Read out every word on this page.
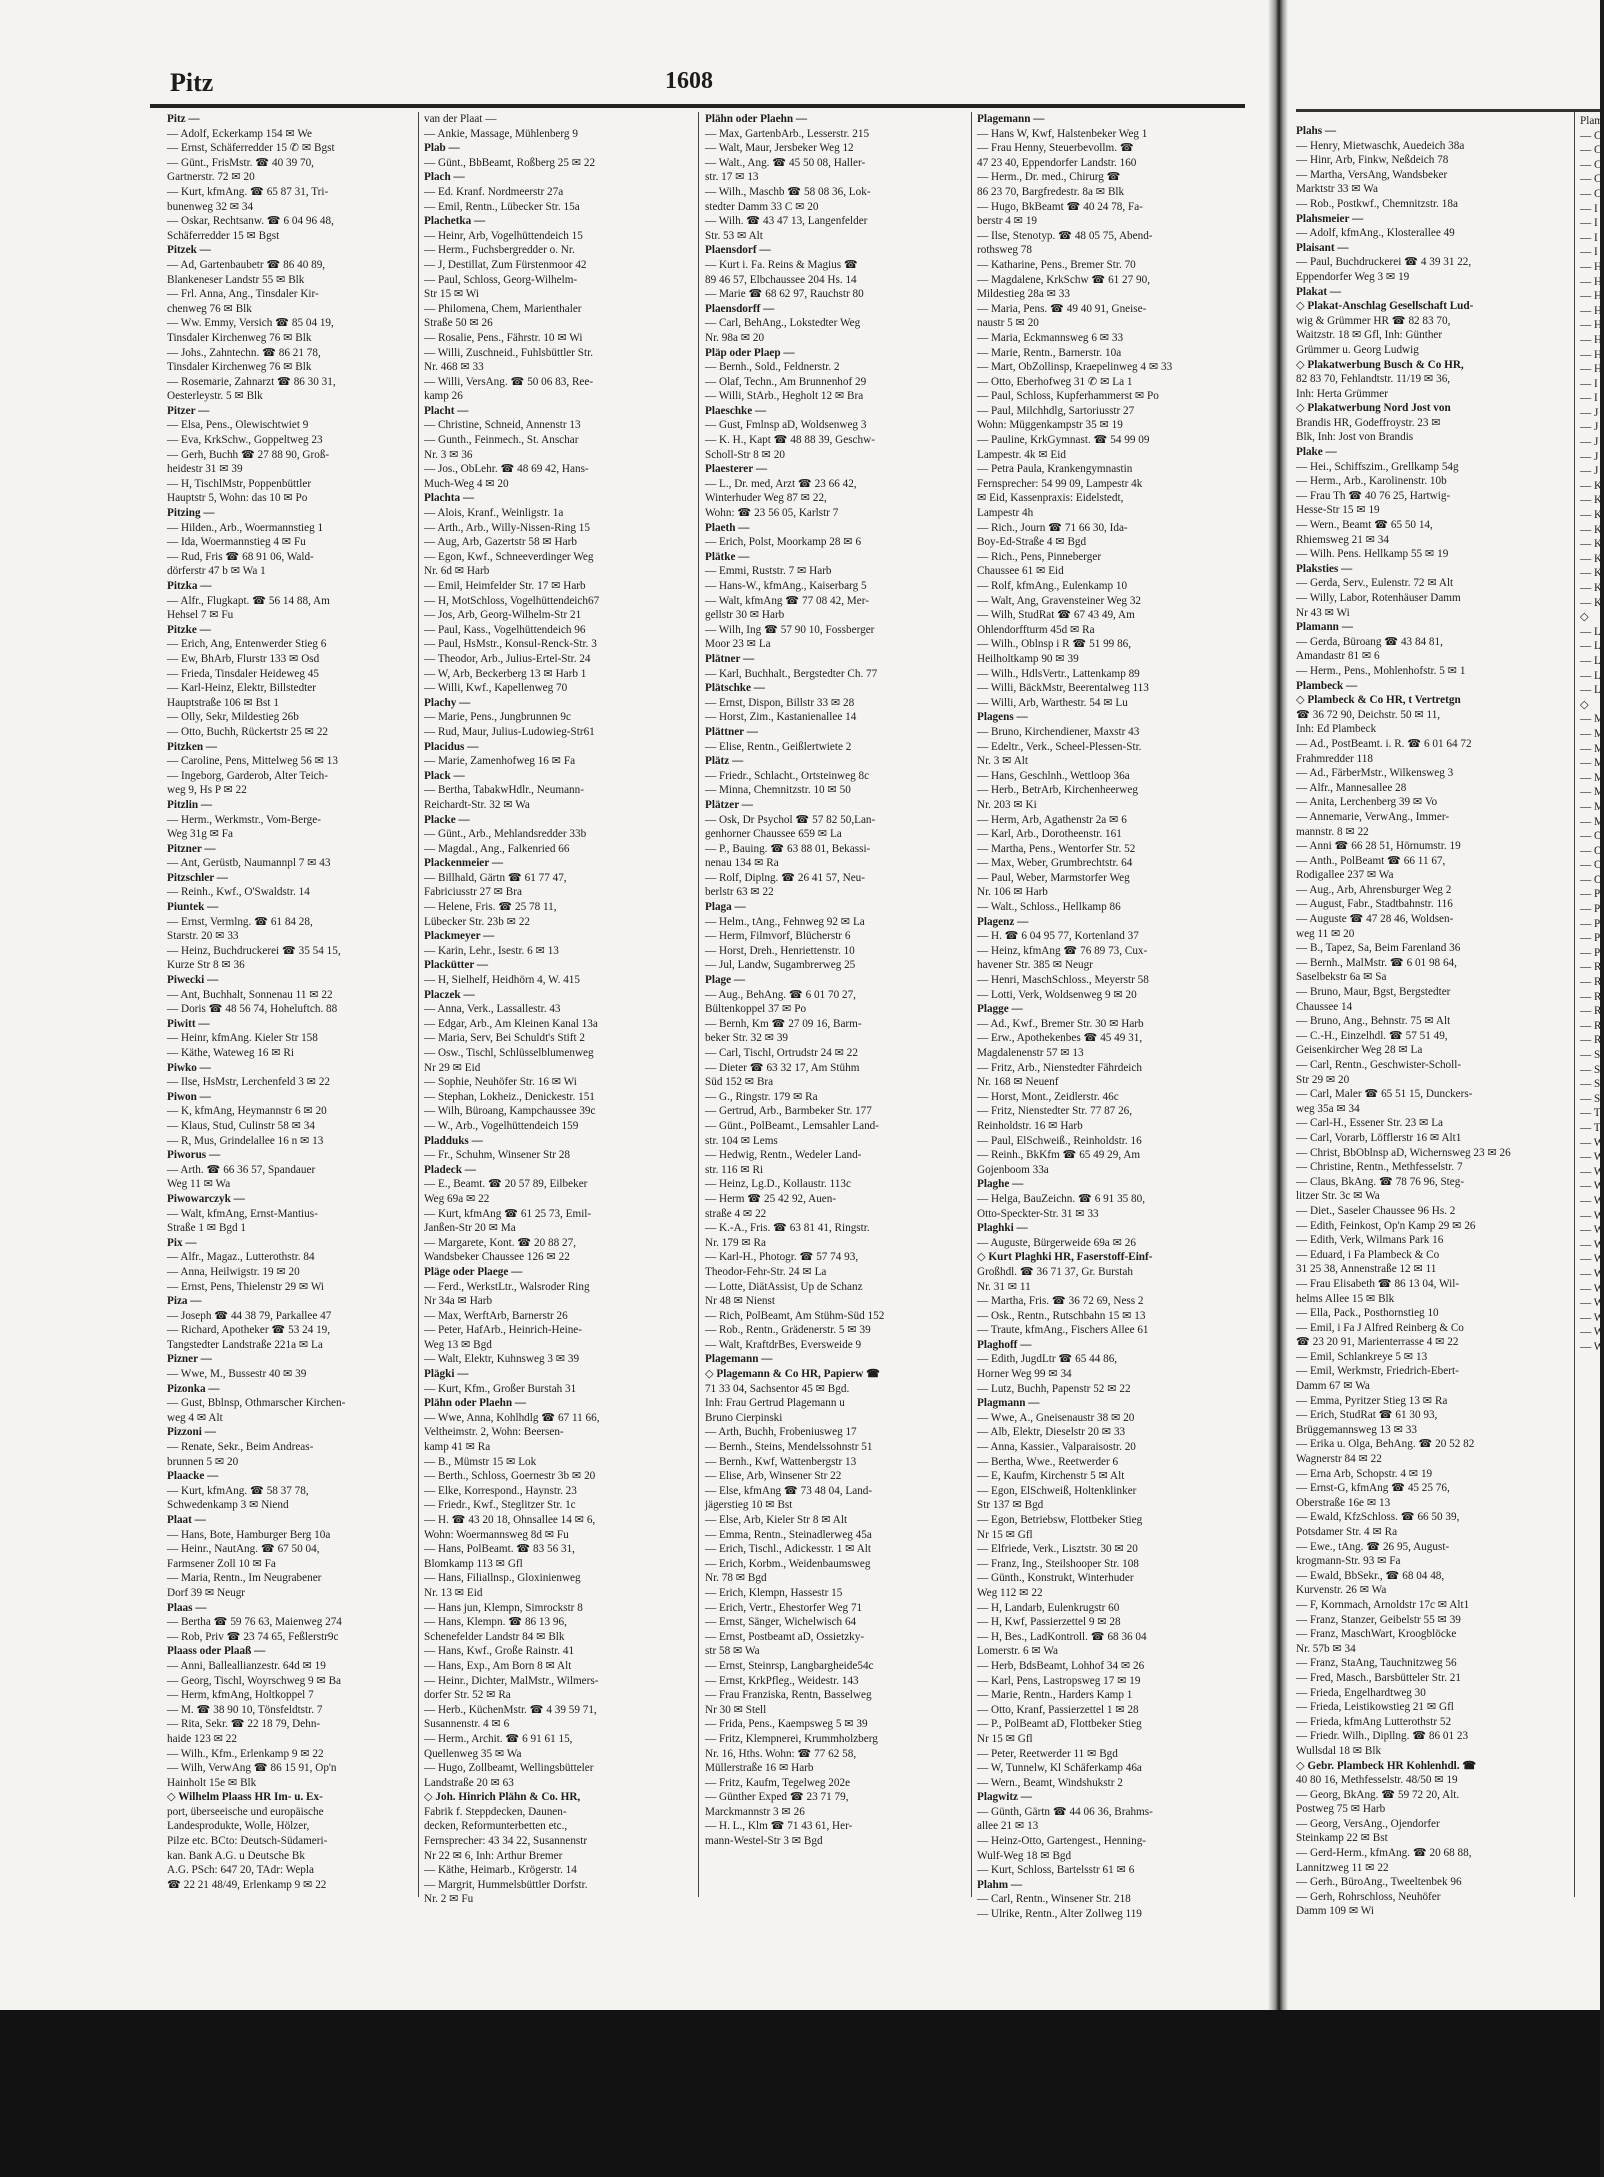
Pitz	1608
Pitz —
— Adolf, Eckerkamp 154 ✉ We
— Ernst, Schäferredder 15 ✆ ✉ Bgst
— Günt., FrisMstr. ☎ 40 39 70,
Gartnerstr. 72 ✉ 20
— Kurt, kfmAng. ☎ 65 87 31, Tri-
bunenweg 32 ✉ 34
— Oskar, Rechtsanw. ☎ 6 04 96 48,
Schäferredder 15 ✉ Bgst
Pitzek —
— Ad, Gartenbaubetr ☎ 86 40 89,
Blankeneser Landstr 55 ✉ Blk
— Frl. Anna, Ang., Tinsdaler Kir-
chenweg 76 ✉ Blk
— Ww. Emmy, Versich ☎ 85 04 19,
Tinsdaler Kirchenweg 76 ✉ Blk
— Johs., Zahntechn. ☎ 86 21 78,
Tinsdaler Kirchenweg 76 ✉ Blk
— Rosemarie, Zahnarzt ☎ 86 30 31,
Oesterleystr. 5 ✉ Blk
Pitzer —
— Elsa, Pens., Olewischtwiet 9
— Eva, KrkSchw., Goppeltweg 23
— Gerh, Buchh ☎ 27 88 90, Groß-
heidestr 31 ✉ 39
— H, TischlMstr, Poppenbüttler
Hauptstr 5, Wohn: das 10 ✉ Po
Pitzing —
— Hilden., Arb., Woermannstieg 1
— Ida, Woermannstieg 4 ✉ Fu
— Rud, Fris ☎ 68 91 06, Wald-
dörferstr 47 b ✉ Wa 1
Pitzka —
— Alfr., Flugkapt. ☎ 56 14 88, Am
Hehsel 7 ✉ Fu
Pitzke —
— Erich, Ang, Entenwerder Stieg 6
— Ew, BhArb, Flurstr 133 ✉ Osd
— Frieda, Tinsdaler Heideweg 45
— Karl-Heinz, Elektr, Billstedter
Hauptstraße 106 ✉ Bst 1
— Olly, Sekr, Mildestieg 26b
— Otto, Buchh, Rückertstr 25 ✉ 22
Pitzken —
— Caroline, Pens, Mittelweg 56 ✉ 13
— Ingeborg, Garderob, Alter Teich-
weg 9, Hs P ✉ 22
Pitzlin —
— Herm., Werkmstr., Vom-Berge-
Weg 31g ✉ Fa
Pitzner —
— Ant, Gerüstb, Naumannpl 7 ✉ 43
Pitzschler —
— Reinh., Kwf., O'Swaldstr. 14
Piuntek —
— Ernst, Vermlng. ☎ 61 84 28,
Starstr. 20 ✉ 33
— Heinz, Buchdruckerei ☎ 35 54 15,
Kurze Str 8 ✉ 36
Piwecki —
— Ant, Buchhalt, Sonnenau 11 ✉ 22
— Doris ☎ 48 56 74, Hoheluftch. 88
Piwitt —
— Heinr, kfmAng. Kieler Str 158
— Käthe, Wateweg 16 ✉ Ri
Piwko —
— Ilse, HsMstr, Lerchenfeld 3 ✉ 22
Piwon —
— K, kfmAng, Heymannstr 6 ✉ 20
— Klaus, Stud, Culinstr 58 ✉ 34
— R, Mus, Grindelallee 16 n ✉ 13
Piworus —
— Arth. ☎ 66 36 57, Spandauer
Weg 11 ✉ Wa
Piwowarczyk —
— Walt, kfmAng, Ernst-Mantius-
Straße 1 ✉ Bgd 1
Pix —
— Alfr., Magaz., Lutterothstr. 84
— Anna, Heilwigstr. 19 ✉ 20
— Ernst, Pens, Thielenstr 29 ✉ Wi
Piza —
— Joseph ☎ 44 38 79, Parkallee 47
— Richard, Apotheker ☎ 53 24 19,
Tangstedter Landstraße 221a ✉ La
Pizner —
— Wwe, M., Bussestr 40 ✉ 39
Pizonka —
— Gust, Bblnsp, Othmarscher Kirchen-
weg 4 ✉ Alt
Pizzoni —
— Renate, Sekr., Beim Andreas-
brunnen 5 ✉ 20
Plaacke —
— Kurt, kfmAng. ☎ 58 37 78,
Schwedenkamp 3 ✉ Niend
Plaat —
— Hans, Bote, Hamburger Berg 10a
— Heinr., NautAng. ☎ 67 50 04,
Farmsener Zoll 10 ✉ Fa
— Maria, Rentn., Im Neugrabener
Dorf 39 ✉ Neugr
Plaas —
— Bertha ☎ 59 76 63, Maienweg 274
— Rob, Priv ☎ 23 74 65, Feßlerstr9c
Plaass oder Plaaß —
— Anni, Balleallianzestr. 64d ✉ 19
— Georg, Tischl, Woyrschweg 9 ✉ Ba
— Herm, kfmAng, Holtkoppel 7
— M. ☎ 38 90 10, Tönsfeldtstr. 7
— Rita, Sekr. ☎ 22 18 79, Dehn-
haide 123 ✉ 22
— Wilh., Kfm., Erlenkamp 9 ✉ 22
— Wilh, VerwAng ☎ 86 15 91, Op'n
Hainholt 15e ✉ Blk
◇ Wilhelm Plaass HR Im- u. Ex-
port, überseeische und europäische
Landesprodukte, Wolle, Hölzer,
Pilze etc. BCto: Deutsch-Südameri-
kan. Bank A.G. u Deutsche Bk
A.G. PSch: 647 20, TAdr: Wepla
☎ 22 21 48/49, Erlenkamp 9 ✉ 22
van der Plaat —
— Ankie, Massage, Mühlenberg 9
Plab —
— Günt., BbBeamt, Roßberg 25 ✉ 22
Plach —
— Ed. Kranf. Nordmeerstr 27a
— Emil, Rentn., Lübecker Str. 15a
Plachetka —
— Heinr, Arb, Vogelhüttendeich 15
— Herm., Fuchsbergredder o. Nr.
— J, Destillat, Zum Fürstenmoor 42
— Paul, Schloss, Georg-Wilhelm-
Str 15 ✉ Wi
— Philomena, Chem, Marienthaler
Straße 50 ✉ 26
— Rosalie, Pens., Fährstr. 10 ✉ Wi
— Willi, Zuschneid., Fuhlsbüttler Str.
Nr. 468 ✉ 33
— Willi, VersAng. ☎ 50 06 83, Ree-
kamp 26
Placht —
— Christine, Schneid, Annenstr 13
— Gunth., Feinmech., St. Anschar
Nr. 3 ✉ 36
— Jos., ObLehr. ☎ 48 69 42, Hans-
Much-Weg 4 ✉ 20
Plachta —
— Alois, Kranf., Weinligstr. 1a
— Arth., Arb., Willy-Nissen-Ring 15
— Aug, Arb, Gazertstr 58 ✉ Harb
— Egon, Kwf., Schneeverdinger Weg
Nr. 6d ✉ Harb
— Emil, Heimfelder Str. 17 ✉ Harb
— H, MotSchloss, Vogelhüttendeich67
— Jos, Arb, Georg-Wilhelm-Str 21
— Paul, Kass., Vogelhüttendeich 96
— Paul, HsMstr., Konsul-Renck-Str. 3
— Theodor, Arb., Julius-Ertel-Str. 24
— W, Arb, Beckerberg 13 ✉ Harb 1
— Willi, Kwf., Kapellenweg 70
Plachy —
— Marie, Pens., Jungbrunnen 9c
— Rud, Maur, Julius-Ludowieg-Str61
Placidus —
— Marie, Zamenhofweg 16 ✉ Fa
Plack —
— Bertha, TabakwHdlr., Neumann-
Reichardt-Str. 32 ✉ Wa
Placke —
— Günt., Arb., Mehlandsredder 33b
— Magdal., Ang., Falkenried 66
Plackenmeier —
— Billhald, Gärtn ☎ 61 77 47,
Fabriciusstr 27 ✉ Bra
— Helene, Fris. ☎ 25 78 11,
Lübecker Str. 23b ✉ 22
Plackmeyer —
— Karin, Lehr., Isestr. 6 ✉ 13
Plackütter —
— H, Sielhelf, Heidhörn 4, W. 415
Placzek —
— Anna, Verk., Lassallestr. 43
— Edgar, Arb., Am Kleinen Kanal 13a
— Maria, Serv, Bei Schuldt's Stift 2
— Osw., Tischl, Schlüsselblumenweg
Nr 29 ✉ Eid
— Sophie, Neuhöfer Str. 16 ✉ Wi
— Stephan, Lokheiz., Denickestr. 151
— Wilh, Büroang, Kampchaussee 39c
— W., Arb., Vogelhüttendeich 159
Pladduks —
— Fr., Schuhm, Winsener Str 28
Pladeck —
— E., Beamt. ☎ 20 57 89, Eilbeker
Weg 69a ✉ 22
— Kurt, kfmAng ☎ 61 25 73, Emil-
Janßen-Str 20 ✉ Ma
— Margarete, Kont. ☎ 20 88 27,
Wandsbeker Chaussee 126 ✉ 22
Pläge oder Plaege —
— Ferd., WerkstLtr., Walsroder Ring
Nr 34a ✉ Harb
— Max, WerftArb, Barnerstr 26
— Peter, HafArb., Heinrich-Heine-
Weg 13 ✉ Bgd
— Walt, Elektr, Kuhnsweg 3 ✉ 39
Plägki —
— Kurt, Kfm., Großer Burstah 31
Plähn oder Plaehn —
— Wwe, Anna, Kohlhdlg ☎ 67 11 66,
Veltheimstr. 2, Wohn: Beersen-
kamp 41 ✉ Ra
— B., Mümstr 15 ✉ Lok
— Berth., Schloss, Goernestr 3b ✉ 20
— Elke, Korrespond., Haynstr. 23
— Friedr., Kwf., Steglitzer Str. 1c
— H. ☎ 43 20 18, Ohnsallee 14 ✉ 6,
Wohn: Woermannsweg 8d ✉ Fu
— Hans, PolBeamt. ☎ 83 56 31,
Blomkamp 113 ✉ Gfl
— Hans, Filiallnsp., Gloxinienweg
Nr. 13 ✉ Eid
— Hans jun, Klempn, Simrockstr 8
— Hans, Klempn. ☎ 86 13 96,
Schenefelder Landstr 84 ✉ Blk
— Hans, Kwf., Große Rainstr. 41
— Hans, Exp., Am Born 8 ✉ Alt
— Heinr., Dichter, MalMstr., Wilmers-
dorfer Str. 52 ✉ Ra
— Herb., KüchenMstr. ☎ 4 39 59 71,
Susannenstr. 4 ✉ 6
— Herm., Archit. ☎ 6 91 61 15,
Quellenweg 35 ✉ Wa
— Hugo, Zollbeamt, Wellingsbütteler
Landstraße 20 ✉ 63
◇ Joh. Hinrich Plähn & Co. HR,
Fabrik f. Steppdecken, Daunen-
decken, Reformunterbetten etc.,
Fernsprecher: 43 34 22, Susannenstr
Nr 22 ✉ 6, Inh: Arthur Bremer
— Käthe, Heimarb., Krögerstr. 14
— Margrit, Hummelsbüttler Dorfstr.
Nr. 2 ✉ Fu
Plähn oder Plaehn —
— Max, GartenbArb., Lesserstr. 215
— Walt, Maur, Jersbeker Weg 12
— Walt., Ang. ☎ 45 50 08, Haller-
str. 17 ✉ 13
— Wilh., Maschb ☎ 58 08 36, Lok-
stedter Damm 33 C ✉ 20
— Wilh. ☎ 43 47 13, Langenfelder
Str. 53 ✉ Alt
Plaensdorf —
— Kurt i. Fa. Reins & Magius ☎
89 46 57, Elbchaussee 204 Hs. 14
— Marie ☎ 68 62 97, Rauchstr 80
Plaensdorff —
— Carl, BehAng., Lokstedter Weg
Nr. 98a ✉ 20
Pläp oder Plaep —
— Bernh., Sold., Feldnerstr. 2
— Olaf, Techn., Am Brunnenhof 29
— Willi, StArb., Hegholt 12 ✉ Bra
Plaeschke —
— Gust, Fmlnsp aD, Woldsenweg 3
— K. H., Kapt ☎ 48 88 39, Geschw-
Scholl-Str 8 ✉ 20
Plaesterer —
— L., Dr. med, Arzt ☎ 23 66 42,
Winterhuder Weg 87 ✉ 22,
Wohn: ☎ 23 56 05, Karlstr 7
Plaeth —
— Erich, Polst, Moorkamp 28 ✉ 6
Plätke —
— Emmi, Ruststr. 7 ✉ Harb
— Hans-W., kfmAng., Kaiserbarg 5
— Walt, kfmAng ☎ 77 08 42, Mer-
gellstr 30 ✉ Harb
— Wilh, Ing ☎ 57 90 10, Fossberger
Moor 23 ✉ La
Plätner —
— Karl, Buchhalt., Bergstedter Ch. 77
Plätschke —
— Ernst, Dispon, Billstr 33 ✉ 28
— Horst, Zim., Kastanienallee 14
Plättner —
— Elise, Rentn., Geißlertwiete 2
Plätz —
— Friedr., Schlacht., Ortsteinweg 8c
— Minna, Chemnitzstr. 10 ✉ 50
Plätzer —
— Osk, Dr Psychol ☎ 57 82 50,Lan-
genhorner Chaussee 659 ✉ La
— P., Bauing. ☎ 63 88 01, Bekassi-
nenau 134 ✉ Ra
— Rolf, Diplng. ☎ 26 41 57, Neu-
berlstr 63 ✉ 22
Plaga —
— Helm., tAng., Fehnweg 92 ✉ La
— Herm, Filmvorf, Blücherstr 6
— Horst, Dreh., Henriettenstr. 10
— Jul, Landw, Sugambrerweg 25
Plage —
— Aug., BehAng. ☎ 6 01 70 27,
Bültenkoppel 37 ✉ Po
— Bernh, Km ☎ 27 09 16, Barm-
beker Str. 32 ✉ 39
— Carl, Tischl, Ortrudstr 24 ✉ 22
— Dieter ☎ 63 32 17, Am Stühm
Süd 152 ✉ Bra
— G., Ringstr. 179 ✉ Ra
— Gertrud, Arb., Barmbeker Str. 177
— Günt., PolBeamt., Lemsahler Land-
str. 104 ✉ Lems
— Hedwig, Rentn., Wedeler Land-
str. 116 ✉ Ri
— Heinz, Lg.D., Kollaustr. 113c
— Herm ☎ 25 42 92, Auen-
straße 4 ✉ 22
— K.-A., Fris. ☎ 63 81 41, Ringstr.
Nr. 179 ✉ Ra
— Karl-H., Photogr. ☎ 57 74 93,
Theodor-Fehr-Str. 24 ✉ La
— Lotte, DiätAssist, Up de Schanz
Nr 48 ✉ Nienst
— Rich, PolBeamt, Am Stühm-Süd 152
— Rob., Rentn., Grädenerstr. 5 ✉ 39
— Walt, KraftdrBes, Eversweide 9
Plagemann —
◇ Plagemann & Co HR, Papierw ☎
71 33 04, Sachsentor 45 ✉ Bgd.
Inh: Frau Gertrud Plagemann u
Bruno Cierpinski
— Arth, Buchh, Frobeniusweg 17
— Bernh., Steins, Mendelssohnstr 51
— Bernh., Kwf, Wattenbergstr 13
— Elise, Arb, Winsener Str 22
— Else, kfmAng ☎ 73 48 04, Land-
jägerstieg 10 ✉ Bst
— Else, Arb, Kieler Str 8 ✉ Alt
— Emma, Rentn., Steinadlerweg 45a
— Erich, Tischl., Adickesstr. 1 ✉ Alt
— Erich, Korbm., Weidenbaumsweg
Nr. 78 ✉ Bgd
— Erich, Klempn, Hassestr 15
— Erich, Vertr., Ehestorfer Weg 71
— Ernst, Sänger, Wichelwisch 64
— Ernst, Postbeamt aD, Ossietzky-
str 58 ✉ Wa
— Ernst, Steinrsp, Langbargheide54c
— Ernst, KrkPfleg., Weidestr. 143
— Frau Franziska, Rentn, Basselweg
Nr 30 ✉ Stell
— Frida, Pens., Kaempsweg 5 ✉ 39
— Fritz, Klempnerei, Krummholzberg
Nr. 16, Hths. Wohn: ☎ 77 62 58,
Müllerstraße 16 ✉ Harb
— Fritz, Kaufm, Tegelweg 202e
— Günther Exped ☎ 23 71 79,
Marckmannstr 3 ✉ 26
— H. L., Klm ☎ 71 43 61, Her-
mann-Westel-Str 3 ✉ Bgd
Plagemann —
— Hans W, Kwf, Halstenbeker Weg 1
— Frau Henny, Steuerbevollm. ☎
47 23 40, Eppendorfer Landstr. 160
— Herm., Dr. med., Chirurg ☎
86 23 70, Bargfredestr. 8a ✉ Blk
— Hugo, BkBeamt ☎ 40 24 78, Fa-
berstr 4 ✉ 19
— Ilse, Stenotyp. ☎ 48 05 75, Abend-
rothsweg 78
— Katharine, Pens., Bremer Str. 70
— Magdalene, KrkSchw ☎ 61 27 90,
Mildestieg 28a ✉ 33
— Maria, Pens. ☎ 49 40 91, Gneise-
naustr 5 ✉ 20
— Maria, Eckmannsweg 6 ✉ 33
— Marie, Rentn., Barnerstr. 10a
— Mart, ObZollinsp, Kraepelinweg 4 ✉ 33
— Otto, Eberhofweg 31 ✆ ✉ La 1
— Paul, Schloss, Kupferhammerst ✉ Po
— Paul, Milchhdlg, Sartoriusstr 27
Wohn: Müggenkampstr 35 ✉ 19
— Pauline, KrkGymnast. ☎ 54 99 09
Lampestr. 4k ✉ Eid
— Petra Paula, Krankengymnastin
Fernsprecher: 54 99 09, Lampestr 4k
✉ Eid, Kassenpraxis: Eidelstedt,
Lampestr 4h
— Rich., Journ ☎ 71 66 30, Ida-
Boy-Ed-Straße 4 ✉ Bgd
— Rich., Pens, Pinneberger
Chaussee 61 ✉ Eid
— Rolf, kfmAng., Eulenkamp 10
— Walt, Ang, Gravensteiner Weg 32
— Wilh, StudRat ☎ 67 43 49, Am
Ohlendorffturm 45d ✉ Ra
— Wilh., Oblnsp i R ☎ 51 99 86,
Heilholtkamp 90 ✉ 39
— Wilh., HdlsVertr., Lattenkamp 89
— Willi, BäckMstr, Beerentalweg 113
— Willi, Arb, Warthestr. 54 ✉ Lu
Plagens —
— Bruno, Kirchendiener, Maxstr 43
— Edeltr., Verk., Scheel-Plessen-Str.
Nr. 3 ✉ Alt
— Hans, Geschlnh., Wettloop 36a
— Herb., BetrArb, Kirchenheerweg
Nr. 203 ✉ Ki
— Herm, Arb, Agathenstr 2a ✉ 6
— Karl, Arb., Dorotheenstr. 161
— Martha, Pens., Wentorfer Str. 52
— Max, Weber, Grumbrechtstr. 64
— Paul, Weber, Marmstorfer Weg
Nr. 106 ✉ Harb
— Walt., Schloss., Hellkamp 86
Plagenz —
— H. ☎ 6 04 95 77, Kortenland 37
— Heinz, kfmAng ☎ 76 89 73, Cux-
havener Str. 385 ✉ Neugr
— Henri, MaschSchloss., Meyerstr 58
— Lotti, Verk, Woldsenweg 9 ✉ 20
Plagge —
— Ad., Kwf., Bremer Str. 30 ✉ Harb
— Erw., Apothekenbes ☎ 45 49 31,
Magdalenenstr 57 ✉ 13
— Fritz, Arb., Nienstedter Fährdeich
Nr. 168 ✉ Neuenf
— Horst, Mont., Zeidlerstr. 46c
— Fritz, Nienstedter Str. 77 87 26,
Reinholdstr. 16 ✉ Harb
— Paul, ElSchweiß., Reinholdstr. 16
— Reinh., BkKfm ☎ 65 49 29, Am
Gojenboom 33a
Plaghe —
— Helga, BauZeichn. ☎ 6 91 35 80,
Otto-Speckter-Str. 31 ✉ 33
Plaghki —
— Auguste, Bürgerweide 69a ✉ 26
◇ Kurt Plaghki HR, Faserstoff-Einf-
Großhdl. ☎ 36 71 37, Gr. Burstah
Nr. 31 ✉ 11
— Martha, Fris. ☎ 36 72 69, Ness 2
— Osk., Rentn., Rutschbahn 15 ✉ 13
— Traute, kfmAng., Fischers Allee 61
Plaghoff —
— Edith, JugdLtr ☎ 65 44 86,
Horner Weg 99 ✉ 34
— Lutz, Buchh, Papenstr 52 ✉ 22
Plagmann —
— Wwe, A., Gneisenaustr 38 ✉ 20
— Alb, Elektr, Dieselstr 20 ✉ 33
— Anna, Kassier., Valparaisostr. 20
— Bertha, Wwe., Reetwerder 6
— E, Kaufm, Kirchenstr 5 ✉ Alt
— Egon, ElSchweiß, Holtenklinker
Str 137 ✉ Bgd
— Egon, Betriebsw, Flottbeker Stieg
Nr 15 ✉ Gfl
— Elfriede, Verk., Lisztstr. 30 ✉ 20
— Franz, Ing., Steilshooper Str. 108
— Günth., Konstrukt, Winterhuder
Weg 112 ✉ 22
— H, Landarb, Eulenkrugstr 60
— H, Kwf, Passierzettel 9 ✉ 28
— H, Bes., LadKontroll. ☎ 68 36 04
Lomerstr. 6 ✉ Wa
— Herb, BdsBeamt, Lohhof 34 ✉ 26
— Karl, Pens, Lastropsweg 17 ✉ 19
— Marie, Rentn., Harders Kamp 1
— Otto, Kranf, Passierzettel 1 ✉ 28
— P., PolBeamt aD, Flottbeker Stieg
Nr 15 ✉ Gfl
— Peter, Reetwerder 11 ✉ Bgd
— W, Tunnelw, Kl Schäferkamp 46a
— Wern., Beamt, Windshukstr 2
Plagwitz —
— Günth, Gärtn ☎ 44 06 36, Brahms-
allee 21 ✉ 13
— Heinz-Otto, Gartengest., Henning-
Wulf-Weg 18 ✉ Bgd
— Kurt, Schloss, Bartelsstr 61 ✉ 6
Plahm —
— Carl, Rentn., Winsener Str. 218
— Ulrike, Rentn., Alter Zollweg 119
Plahs —
— Henry, Mietwaschk, Auedeich 38a
— Hinr, Arb, Finkw, Neßdeich 78
— Martha, VersAng, Wandsbeker
Marktstr 33 ✉ Wa
— Rob., Postkwf., Chemnitzstr. 18a
Plahsmeier —
— Adolf, kfmAng., Klosterallee 49
Plaisant —
— Paul, Buchdruckerei ☎ 4 39 31 22,
Eppendorfer Weg 3 ✉ 19
Plakat —
◇ Plakat-Anschlag Gesellschaft Lud-
wig & Grümmer HR ☎ 82 83 70,
Waitzstr. 18 ✉ Gfl, Inh: Günther
Grümmer u. Georg Ludwig
◇ Plakatwerbung Busch & Co HR,
82 83 70, Fehlandtstr. 11/19 ✉ 36,
Inh: Herta Grümmer
◇ Plakatwerbung Nord Jost von
Brandis HR, Godeffroystr. 23 ✉
Blk, Inh: Jost von Brandis
Plake —
— Hei., Schiffszim., Grellkamp 54g
— Herm., Arb., Karolinenstr. 10b
— Frau Th ☎ 40 76 25, Hartwig-
Hesse-Str 15 ✉ 19
— Wern., Beamt ☎ 65 50 14,
Rhiemsweg 21 ✉ 34
— Wilh. Pens. Hellkamp 55 ✉ 19
Plaksties —
— Gerda, Serv., Eulenstr. 72 ✉ Alt
— Willy, Labor, Rotenhäuser Damm
Nr 43 ✉ Wi
Plamann —
— Gerda, Büroang ☎ 43 84 81,
Amandastr 81 ✉ 6
— Herm., Pens., Mohlenhofstr. 5 ✉ 1
Plambeck —
◇ Plambeck & Co HR, t Vertretgn
☎ 36 72 90, Deichstr. 50 ✉ 11,
Inh: Ed Plambeck
— Ad., PostBeamt. i. R. ☎ 6 01 64 72
Frahmredder 118
— Ad., FärberMstr., Wilkensweg 3
— Alfr., Mannesallee 28
— Anita, Lerchenberg 39 ✉ Vo
— Annemarie, VerwAng., Immer-
mannstr. 8 ✉ 22
— Anni ☎ 66 28 51, Hörnumstr. 19
— Anth., PolBeamt ☎ 66 11 67,
Rodigallee 237 ✉ Wa
— Aug., Arb, Ahrensburger Weg 2
— August, Fabr., Stadtbahnstr. 116
— Auguste ☎ 47 28 46, Woldsen-
weg 11 ✉ 20
— B., Tapez, Sa, Beim Farenland 36
— Bernh., MalMstr. ☎ 6 01 98 64,
Saselbekstr 6a ✉ Sa
— Bruno, Maur, Bgst, Bergstedter
Chaussee 14
— Bruno, Ang., Behnstr. 75 ✉ Alt
— C.-H., Einzelhdl. ☎ 57 51 49,
Geisenkircher Weg 28 ✉ La
— Carl, Rentn., Geschwister-Scholl-
Str 29 ✉ 20
— Carl, Maler ☎ 65 51 15, Dunckers-
weg 35a ✉ 34
— Carl-H., Essener Str. 23 ✉ La
— Carl, Vorarb, Löfflerstr 16 ✉ Alt1
— Christ, BbOblnsp aD, Wichernsweg 23 ✉ 26
— Christine, Rentn., Methfesselstr. 7
— Claus, BkAng. ☎ 78 76 96, Steg-
litzer Str. 3c ✉ Wa
— Diet., Saseler Chaussee 96 Hs. 2
— Edith, Feinkost, Op'n Kamp 29 ✉ 26
— Edith, Verk, Wilmans Park 16
— Eduard, i Fa Plambeck & Co
31 25 38, Annenstraße 12 ✉ 11
— Frau Elisabeth ☎ 86 13 04, Wil-
helms Allee 15 ✉ Blk
— Ella, Pack., Posthornstieg 10
— Emil, i Fa J Alfred Reinberg & Co
☎ 23 20 91, Marienterrasse 4 ✉ 22
— Emil, Schlankreye 5 ✉ 13
— Emil, Werkmstr, Friedrich-Ebert-
Damm 67 ✉ Wa
— Emma, Pyritzer Stieg 13 ✉ Ra
— Erich, StudRat ☎ 61 30 93,
Brüggemannsweg 13 ✉ 33
— Erika u. Olga, BehAng. ☎ 20 52 82
Wagnerstr 84 ✉ 22
— Erna Arb, Schopstr. 4 ✉ 19
— Ernst-G, kfmAng ☎ 45 25 76,
Oberstraße 16e ✉ 13
— Ewald, KfzSchloss. ☎ 66 50 39,
Potsdamer Str. 4 ✉ Ra
— Ewe., tAng. ☎ 26 95, August-
krogmann-Str. 93 ✉ Fa
— Ewald, BbSekr., ☎ 68 04 48,
Kurvenstr. 26 ✉ Wa
— F, Kornmach, Arnoldstr 17c ✉ Alt1
— Franz, Stanzer, Geibelstr 55 ✉ 39
— Franz, MaschWart, Kroogblöcke
Nr. 57b ✉ 34
— Franz, StaAng, Tauchnitzweg 56
— Fred, Masch., Barsbütteler Str. 21
— Frieda, Engelhardtweg 30
— Frieda, Leistikowstieg 21 ✉ Gfl
— Frieda, kfmAng Lutterothstr 52
— Friedr. Wilh., Dipllng. ☎ 86 01 23
Wullsdal 18 ✉ Blk
◇ Gebr. Plambeck HR Kohlenhdl. ☎
40 80 16, Methfesselstr. 48/50 ✉ 19
— Georg, BkAng. ☎ 59 72 20, Alt.
Postweg 75 ✉ Harb
— Georg, VersAng., Ojendorfer
Steinkamp 22 ✉ Bst
— Gerd-Herm., kfmAng. ☎ 20 68 88,
Lannitzweg 11 ✉ 22
— Gerh., BüroAng., Tweeltenbek 96
— Gerh, Rohrschloss, Neuhöfer
Damm 109 ✉ Wi
Plam
— C
— C
— C
— C
— C
— I
— I
— I
— I
— H
— H
— H
— H
— H
— H
— H
— H
— I
— I
— J
— J
— J
— J
— J
— K
— K
— K
— K
— K
— K
— K
— K
— K
◇
— L
— L
— L
— L
— L
◇
— M
— M
— M
— M
— M
— M
— M
— M
— O
— O
— O
— O
— P
— P
— P
— P
— P
— R
— R
— R
— R
— R
— R
— S
— S
— S
— S
— T
— T
— W
— W
— W
— W
— W
— W
— W
— W
— W
— W
— W
— W
— W
— W
— W
